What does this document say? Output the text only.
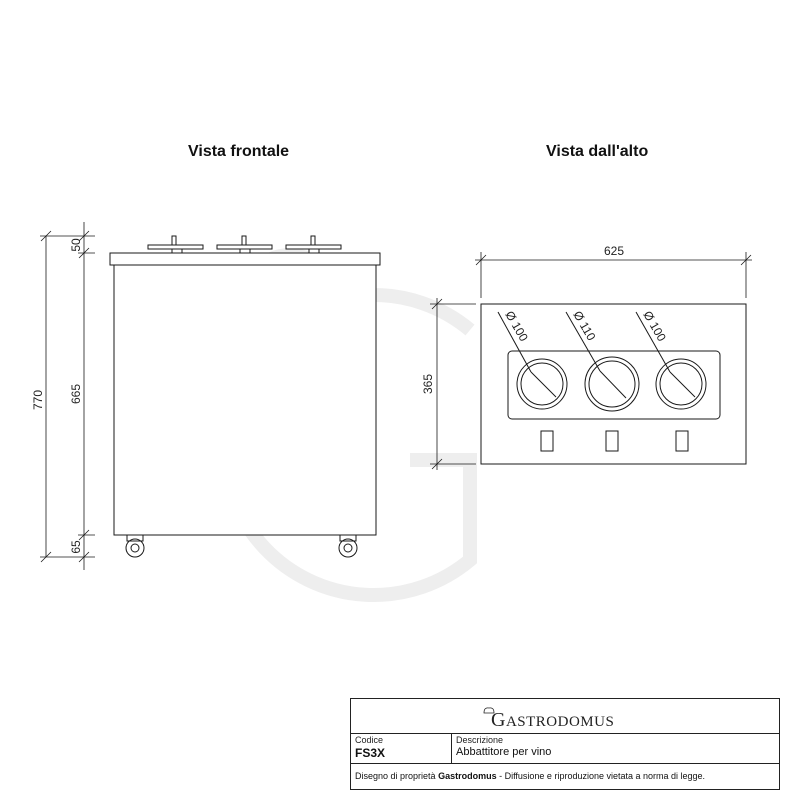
Vista frontale	Vista dall'alto
770
50
665
65
Ø 100	Ø 110	Ø 100
625
365
GASTRODOMUS
Codice
FS3X
Descrizione
Abbattitore per vino
Disegno di proprietà Gastrodomus - Diffusione e riproduzione vietata a norma di legge.
